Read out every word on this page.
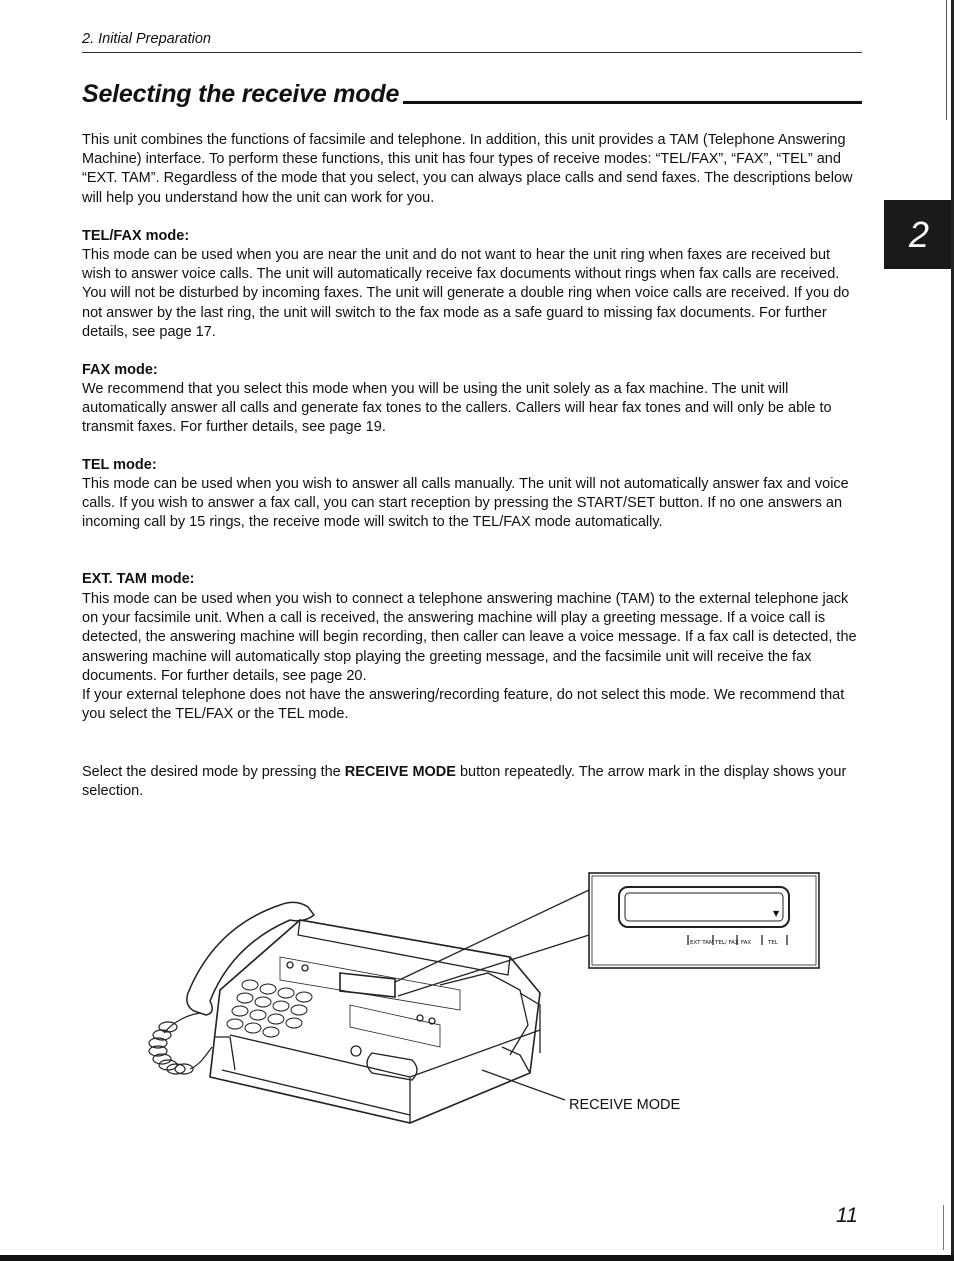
2. Initial Preparation
Selecting the receive mode
2

This unit combines the functions of facsimile and telephone. In addition, this unit provides a TAM (Telephone Answering Machine) interface. To perform these functions, this unit has four types of receive modes: “TEL/FAX”, “FAX”, “TEL” and “EXT. TAM”. Regardless of the mode that you select, you can always place calls and send faxes. The descriptions below will help you understand how the unit can work for you.

TEL/FAX mode:

This mode can be used when you are near the unit and do not want to hear the unit ring when faxes are received but wish to answer voice calls. The unit will automatically receive fax documents without rings when fax calls are received. You will not be disturbed by incoming faxes. The unit will generate a double ring when voice calls are received. If you do not answer by the last ring, the unit will switch to the fax mode as a safe guard to missing fax documents. For further details, see page 17.

FAX mode:

We recommend that you select this mode when you will be using the unit solely as a fax machine. The unit will automatically answer all calls and generate fax tones to the callers. Callers will hear fax tones and will only be able to transmit faxes. For further details, see page 19.

TEL mode:

This mode can be used when you wish to answer all calls manually. The unit will not automatically answer fax and voice calls. If you wish to answer a fax call, you can start reception by pressing the START/SET button. If no one answers an incoming call by 15 rings, the receive mode will switch to the TEL/FAX mode automatically.

EXT. TAM mode:

This mode can be used when you wish to connect a telephone answering machine (TAM) to the external telephone jack on your facsimile unit. When a call is received, the answering machine will play a greeting message. If a voice call is detected, the answering machine will begin recording, then caller can leave a voice message. If a fax call is detected, the answering machine will automatically stop playing the greeting message, and the facsimile unit will receive the fax documents. For further details, see page 20.

If your external telephone does not have the answering/recording feature, do not select this mode. We recommend that you select the TEL/FAX or the TEL mode.

Select the desired mode by pressing the RECEIVE MODE button repeatedly. The arrow mark in the display shows your selection.

▼
EXT TAM TEL/ FAX FAX	TEL
RECEIVE MODE
11
